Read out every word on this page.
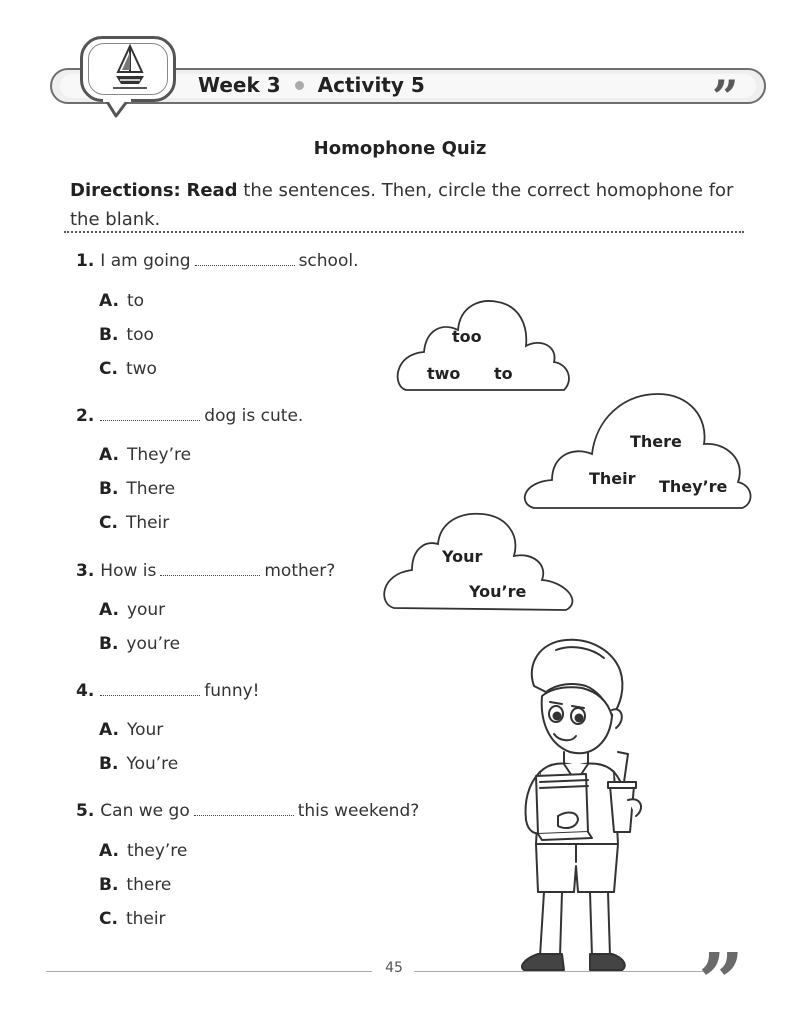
Week 3 Activity 5	”
Homophone Quiz
Directions: Read the sentences. Then, circle the correct homophone for the blank.
1. I am going	school.
A. to
B. too
C. two
2.	dog is cute.
A. They’re
B. There
C. Their
3. How is	mother?
A. your
B. you’re
4.	funny!
A. Your
B. You’re
5. Can we go	this weekend?
A. they’re
B. there
C. their
too
two to
There
Their They’re
Your
You’re
45	”
